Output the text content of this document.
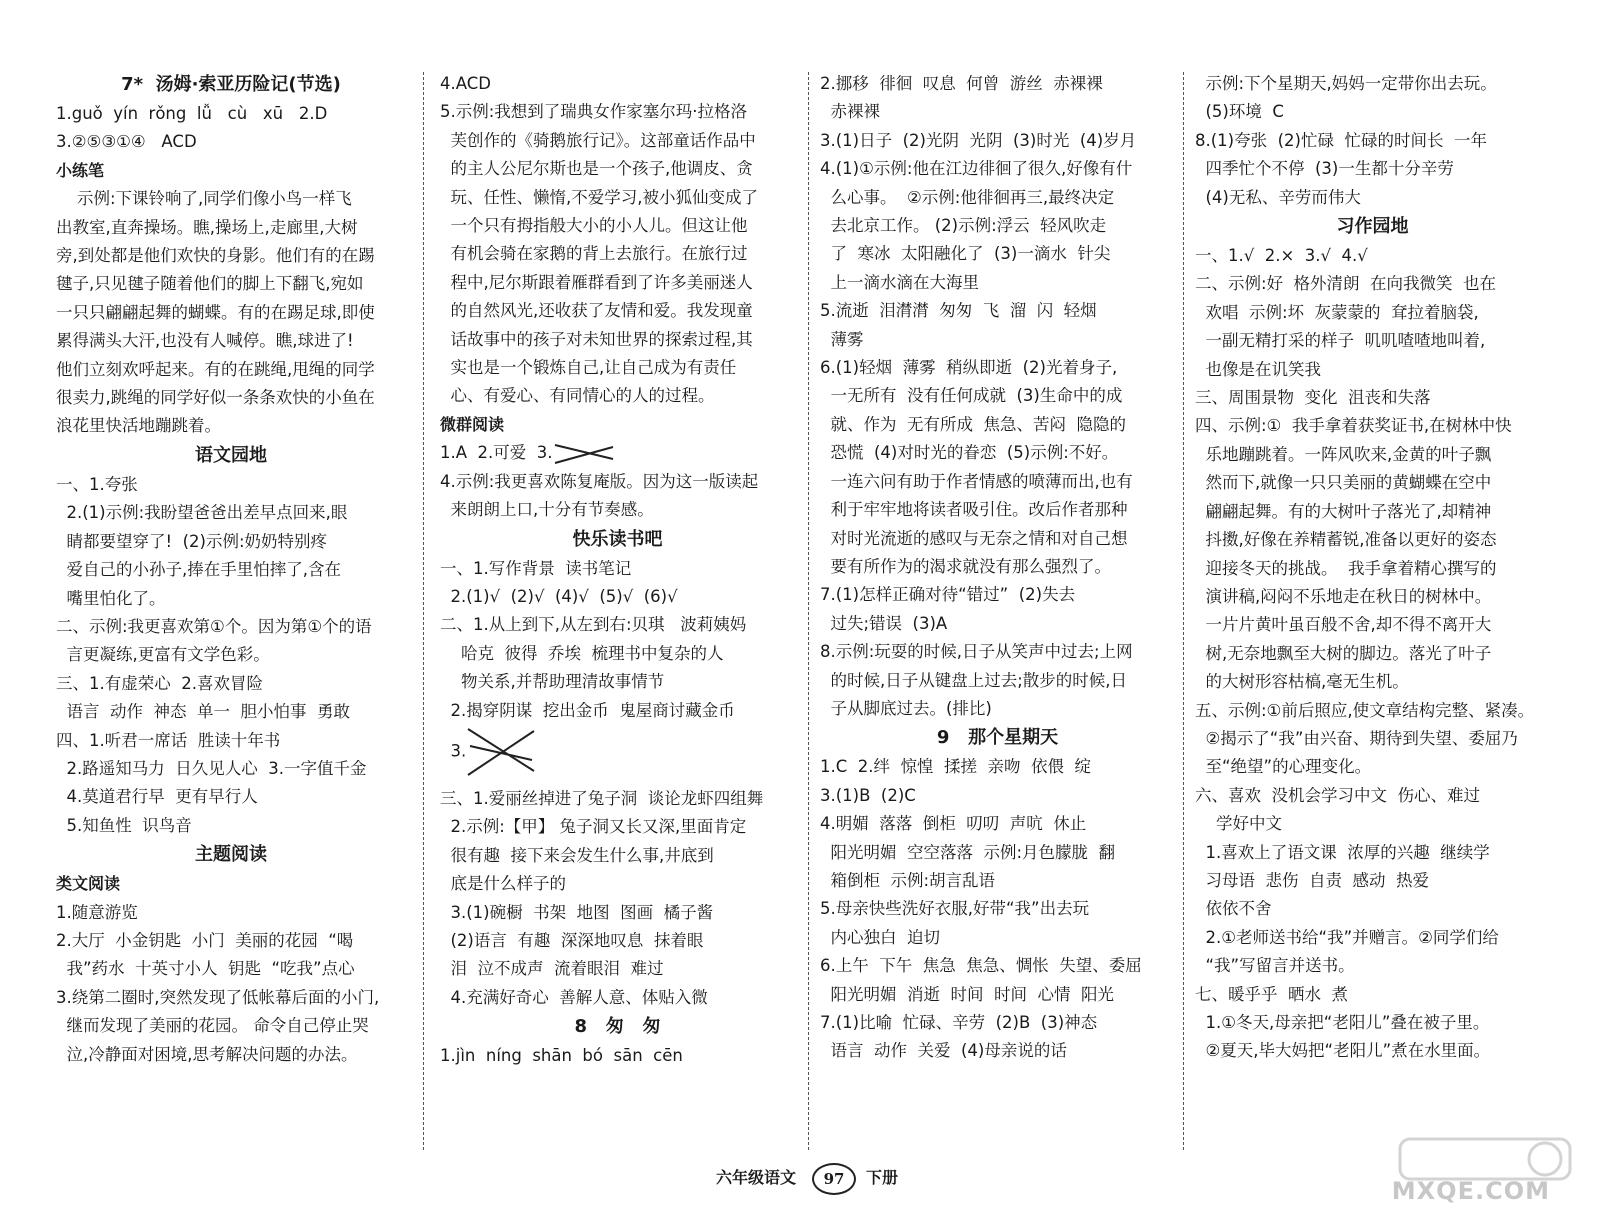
7*  汤姆·索亚历险记(节选)
1.guǒ  yín  rǒng  lǚ   cù   xū   2.D
3.②⑤③①④   ACD
小练笔
示例:下课铃响了,同学们像小鸟一样飞
出教室,直奔操场。瞧,操场上,走廊里,大树
旁,到处都是他们欢快的身影。他们有的在踢
毽子,只见毽子随着他们的脚上下翻飞,宛如
一只只翩翩起舞的蝴蝶。有的在踢足球,即使
累得满头大汗,也没有人喊停。瞧,球进了!
他们立刻欢呼起来。有的在跳绳,甩绳的同学
很卖力,跳绳的同学好似一条条欢快的小鱼在
浪花里快活地蹦跳着。
语文园地
一、1.夸张
2.(1)示例:我盼望爸爸出差早点回来,眼
睛都要望穿了!  (2)示例:奶奶特别疼
爱自己的小孙子,捧在手里怕摔了,含在
嘴里怕化了。
二、示例:我更喜欢第①个。因为第①个的语
言更凝练,更富有文学色彩。
三、1.有虚荣心  2.喜欢冒险
语言  动作  神态  单一  胆小怕事  勇敢
四、1.听君一席话  胜读十年书
2.路遥知马力  日久见人心  3.一字值千金
4.莫道君行早  更有早行人
5.知鱼性  识鸟音
主题阅读
类文阅读
1.随意游览
2.大厅  小金钥匙  小门  美丽的花园  “喝
我”药水  十英寸小人  钥匙  “吃我”点心
3.绕第二圈时,突然发现了低帐幕后面的小门,
继而发现了美丽的花园。 命令自己停止哭
泣,冷静面对困境,思考解决问题的办法。
4.ACD
5.示例:我想到了瑞典女作家塞尔玛·拉格洛
芙创作的《骑鹅旅行记》。这部童话作品中
的主人公尼尔斯也是一个孩子,他调皮、贪
玩、任性、懒惰,不爱学习,被小狐仙变成了
一个只有拇指般大小的小人儿。但这让他
有机会骑在家鹅的背上去旅行。在旅行过
程中,尼尔斯跟着雁群看到了许多美丽迷人
的自然风光,还收获了友情和爱。我发现童
话故事中的孩子对未知世界的探索过程,其
实也是一个锻炼自己,让自己成为有责任
心、有爱心、有同情心的人的过程。
微群阅读
1.A  2.可爱  3.
4.示例:我更喜欢陈复庵版。因为这一版读起
来朗朗上口,十分有节奏感。
快乐读书吧
一、1.写作背景  读书笔记
2.(1)√  (2)√  (4)√  (5)√  (6)√
二、1.从上到下,从左到右:贝琪   波莉姨妈
哈克  彼得  乔埃  梳理书中复杂的人
物关系,并帮助理清故事情节
2.揭穿阴谋  挖出金币  鬼屋商讨藏金币
3.
三、1.爱丽丝掉进了兔子洞  谈论龙虾四组舞
2.示例:【甲】 兔子洞又长又深,里面肯定
很有趣  接下来会发生什么事,井底到
底是什么样子的
3.(1)碗橱  书架  地图  图画  橘子酱
(2)语言  有趣  深深地叹息  抹着眼
泪  泣不成声  流着眼泪  难过
4.充满好奇心  善解人意、体贴入微
8   匆   匆
1.jìn  níng  shān  bó  sān  cēn
2.挪移  徘徊  叹息  何曾  游丝  赤裸裸
赤裸裸
3.(1)日子  (2)光阴  光阴  (3)时光  (4)岁月
4.(1)①示例:他在江边徘徊了很久,好像有什
么心事。  ②示例:他徘徊再三,最终决定
去北京工作。 (2)示例:浮云  轻风吹走
了  寒冰  太阳融化了  (3)一滴水  针尖
上一滴水滴在大海里
5.流逝  泪潸潸  匆匆  飞  溜  闪  轻烟
薄雾
6.(1)轻烟  薄雾  稍纵即逝  (2)光着身子,
一无所有  没有任何成就  (3)生命中的成
就、作为  无有所成  焦急、苦闷  隐隐的
恐慌  (4)对时光的眷恋  (5)示例:不好。
一连六问有助于作者情感的喷薄而出,也有
利于牢牢地将读者吸引住。改后作者那种
对时光流逝的感叹与无奈之情和对自己想
要有所作为的渴求就没有那么强烈了。
7.(1)怎样正确对待“错过”  (2)失去
过失;错误  (3)A
8.示例:玩耍的时候,日子从笑声中过去;上网
的时候,日子从键盘上过去;散步的时候,日
子从脚底过去。(排比)
9   那个星期天
1.C  2.绊  惊惶  揉搓  亲吻  依偎  绽
3.(1)B  (2)C
4.明媚  落落  倒柜  叨叨  声吭  休止
阳光明媚  空空落落  示例:月色朦胧  翻
箱倒柜  示例:胡言乱语
5.母亲快些洗好衣服,好带“我”出去玩
内心独白  迫切
6.上午  下午  焦急  焦急、惆怅  失望、委屈
阳光明媚  消逝  时间  时间  心情  阳光
7.(1)比喻  忙碌、辛劳  (2)B  (3)神态
语言  动作  关爱  (4)母亲说的话
示例:下个星期天,妈妈一定带你出去玩。
(5)环境  C
8.(1)夸张  (2)忙碌  忙碌的时间长  一年
四季忙个不停  (3)一生都十分辛劳
(4)无私、辛劳而伟大
习作园地
一、1.√  2.×  3.√  4.√
二、示例:好  格外清朗  在向我微笑  也在
欢唱  示例:坏  灰蒙蒙的  耷拉着脑袋,
一副无精打采的样子  叽叽喳喳地叫着,
也像是在讥笑我
三、周围景物  变化  沮丧和失落
四、示例:①  我手拿着获奖证书,在树林中快
乐地蹦跳着。一阵风吹来,金黄的叶子飘
然而下,就像一只只美丽的黄蝴蝶在空中
翩翩起舞。有的大树叶子落光了,却精神
抖擞,好像在养精蓄锐,准备以更好的姿态
迎接冬天的挑战。  我手拿着精心撰写的
演讲稿,闷闷不乐地走在秋日的树林中。
一片片黄叶虽百般不舍,却不得不离开大
树,无奈地飘至大树的脚边。落光了叶子
的大树形容枯槁,毫无生机。
五、示例:①前后照应,使文章结构完整、紧凑。
②揭示了“我”由兴奋、期待到失望、委屈乃
至“绝望”的心理变化。
六、喜欢  没机会学习中文  伤心、难过
学好中文
1.喜欢上了语文课  浓厚的兴趣  继续学
习母语  悲伤  自责  感动  热爱
依依不舍
2.①老师送书给“我”并赠言。②同学们给
“我”写留言并送书。
七、暖乎乎  晒水  煮
1.①冬天,母亲把“老阳儿”叠在被子里。
②夏天,毕大妈把“老阳儿”煮在水里面。
六年级语文	97	下册	MXQE.COM
